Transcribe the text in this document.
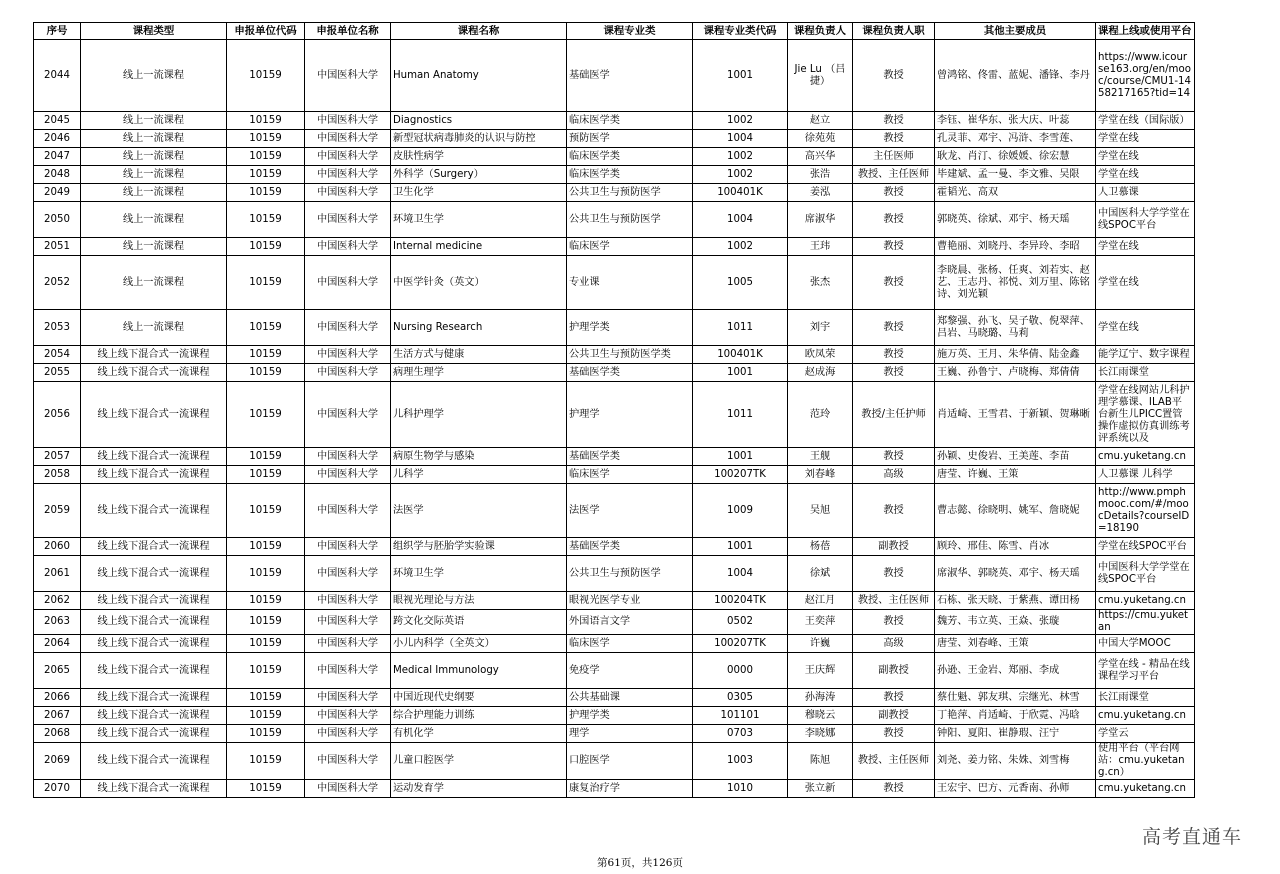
序号	课程类型	申报单位代码	申报单位名称	课程名称	课程专业类	课程专业类代码	课程负责人	课程负责人职	其他主要成员	课程上线或使用平台
2044	线上一流课程	10159	中国医科大学	Human Anatomy	基础医学	1001	Jie Lu （吕捷）	教授	曾鸿铭、佟雷、蓝妮、潘锋、李丹	https://www.icourse163.org/en/mooc/course/CMU1-1458217165?tid=14
2045	线上一流课程	10159	中国医科大学	Diagnostics	临床医学类	1002	赵立	教授	李钰、崔华东、张大庆、叶蕊	学堂在线（国际版）
2046	线上一流课程	10159	中国医科大学	新型冠状病毒肺炎的认识与防控	预防医学	1004	徐苑苑	教授	孔灵菲、邓宇、冯浒、李雪莲、	学堂在线
2047	线上一流课程	10159	中国医科大学	皮肤性病学	临床医学类	1002	高兴华	主任医师	耿龙、肖汀、徐媛媛、徐宏慧	学堂在线
2048	线上一流课程	10159	中国医科大学	外科学（Surgery）	临床医学类	1002	张浩	教授、主任医师	毕建斌、孟一曼、李文雅、吴限	学堂在线
2049	线上一流课程	10159	中国医科大学	卫生化学	公共卫生与预防医学	100401K	姜泓	教授	霍韬光、高双	人卫慕课
2050	线上一流课程	10159	中国医科大学	环境卫生学	公共卫生与预防医学	1004	席淑华	教授	郭晓英、徐斌、邓宇、杨天瑶	中国医科大学学堂在线SPOC平台
2051	线上一流课程	10159	中国医科大学	Internal medicine	临床医学	1002	王玮	教授	曹艳丽、刘晓丹、李异玲、李昭	学堂在线
2052	线上一流课程	10159	中国医科大学	中医学针灸（英文）	专业课	1005	张杰	教授	李晓晨、张杨、任爽、刘若实、赵艺、王志丹、祁悦、刘万里、陈铭诗、刘光颖	学堂在线
2053	线上一流课程	10159	中国医科大学	Nursing Research	护理学类	1011	刘宇	教授	郑黎强、孙飞、吴子敬、倪翠萍、吕岩、马晓璐、马莉	学堂在线
2054	线上线下混合式一流课程	10159	中国医科大学	生活方式与健康	公共卫生与预防医学类	100401K	欧凤荣	教授	施万英、王月、朱华倩、陆金鑫	能学辽宁、数字课程
2055	线上线下混合式一流课程	10159	中国医科大学	病理生理学	基础医学类	1001	赵成海	教授	王巍、孙鲁宁、卢晓梅、郑倩倩	长江雨课堂
2056	线上线下混合式一流课程	10159	中国医科大学	儿科护理学	护理学	1011	范玲	教授/主任护师	肖适崎、王雪君、于新颖、贺琳晰	学堂在线网站儿科护理学慕课、ILAB平台新生儿PICC置管操作虚拟仿真训练考评系统以及
2057	线上线下混合式一流课程	10159	中国医科大学	病原生物学与感染	基础医学类	1001	王舰	教授	孙颖、史俊岩、王美莲、李苗	cmu.yuketang.cn
2058	线上线下混合式一流课程	10159	中国医科大学	儿科学	临床医学	100207TK	刘春峰	高级	唐莹、许巍、王策	人卫慕课 儿科学
2059	线上线下混合式一流课程	10159	中国医科大学	法医学	法医学	1009	吴旭	教授	曹志懿、徐晓明、姚军、詹晓妮	http://www.pmphmooc.com/#/moocDetails?courseID=18190
2060	线上线下混合式一流课程	10159	中国医科大学	组织学与胚胎学实验课	基础医学类	1001	杨蓓	副教授	顾玲、邢佳、陈雪、肖冰	学堂在线SPOC平台
2061	线上线下混合式一流课程	10159	中国医科大学	环境卫生学	公共卫生与预防医学	1004	徐斌	教授	席淑华、郭晓英、邓宇、杨天瑶	中国医科大学学堂在线SPOC平台
2062	线上线下混合式一流课程	10159	中国医科大学	眼视光理论与方法	眼视光医学专业	100204TK	赵江月	教授、主任医师	石栋、张天晓、于紫燕、谭田杨	cmu.yuketang.cn
2063	线上线下混合式一流课程	10159	中国医科大学	跨文化交际英语	外国语言文学	0502	王奕萍	教授	魏芳、韦立英、王焱、张璇	https://cmu.yuketan
2064	线上线下混合式一流课程	10159	中国医科大学	小儿内科学（全英文）	临床医学	100207TK	许巍	高级	唐莹、刘春峰、王策	中国大学MOOC
2065	线上线下混合式一流课程	10159	中国医科大学	Medical Immunology	免疫学	0000	王庆辉	副教授	孙逊、王金岩、郑丽、李成	学堂在线 - 精品在线课程学习平台
2066	线上线下混合式一流课程	10159	中国医科大学	中国近现代史纲要	公共基础课	0305	孙海涛	教授	蔡仕魁、郭友琪、宗继光、林雪	长江雨课堂
2067	线上线下混合式一流课程	10159	中国医科大学	综合护理能力训练	护理学类	101101	穆晓云	副教授	丁艳萍、肖适崎、于欣霓、冯晗	cmu.yuketang.cn
2068	线上线下混合式一流课程	10159	中国医科大学	有机化学	理学	0703	李晓娜	教授	钟阳、夏阳、崔静瑕、汪宁	学堂云
2069	线上线下混合式一流课程	10159	中国医科大学	儿童口腔医学	口腔医学	1003	陈旭	教授、主任医师	刘尧、姜力铭、朱姝、刘雪梅	使用平台（平台网站：cmu.yuketang.cn）
2070	线上线下混合式一流课程	10159	中国医科大学	运动发育学	康复治疗学	1010	张立新	教授	王宏宇、巴方、元香南、孙师	cmu.yuketang.cn
高考直通车
第61页，共126页
